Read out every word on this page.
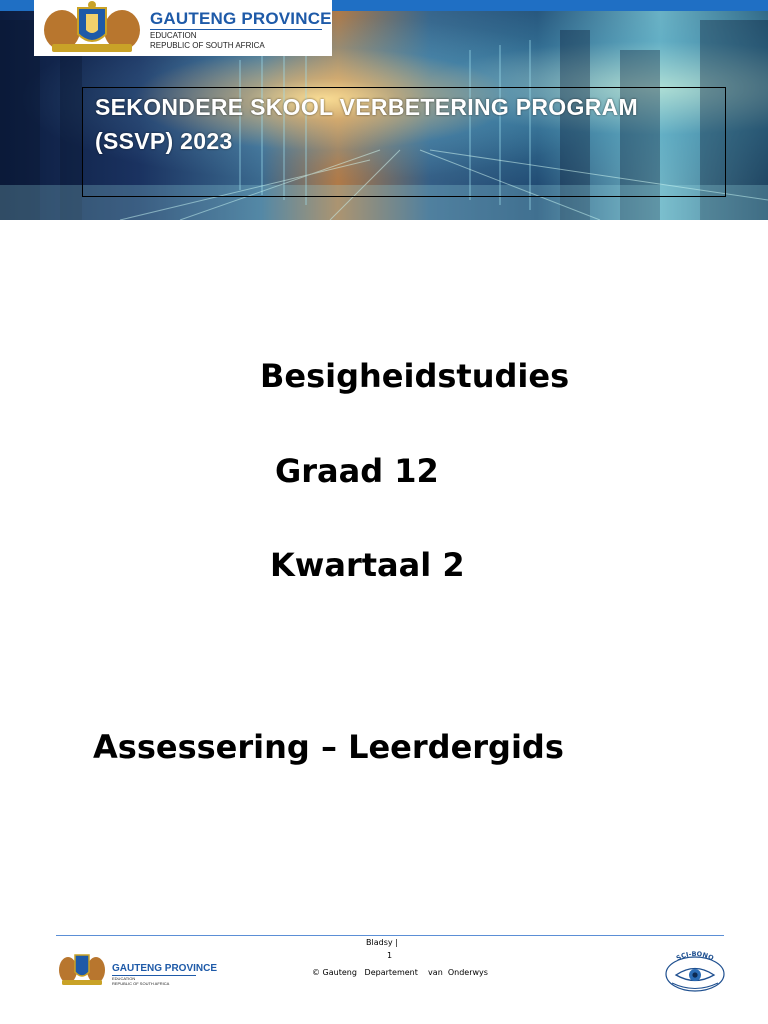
GAUTENG PROVINCE
EDUCATION
REPUBLIC OF SOUTH AFRICA
SEKONDERE SKOOL VERBETERING PROGRAM
(SSVP) 2023
Besigheidstudies
Graad 12
Kwartaal 2
Assessering – Leerdergids
Bladsy |
1
© Gauteng   Departement    van  Onderwys
GAUTENG PROVINCE
EDUCATION
REPUBLIC OF SOUTH AFRICA
SCI-BONO
